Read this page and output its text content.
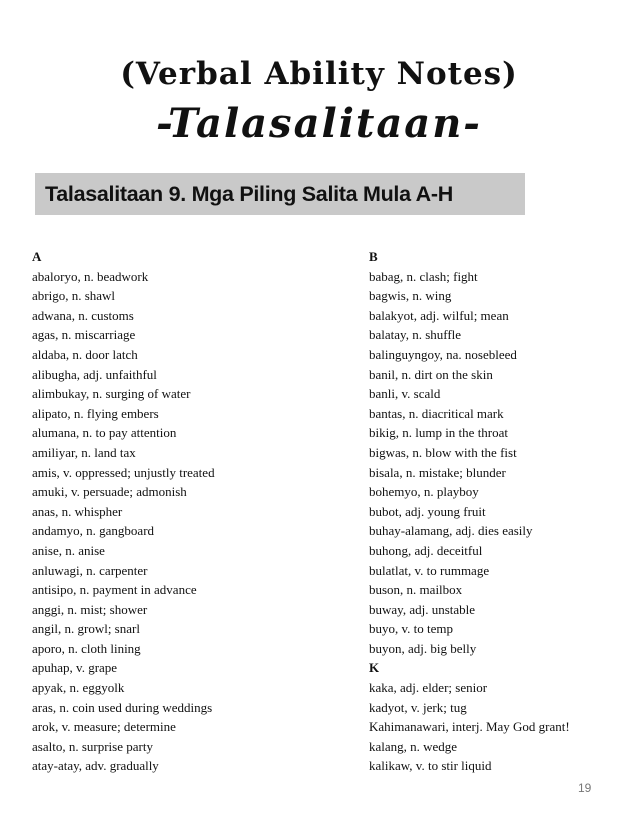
(Verbal Ability Notes)
-Talasalitaan-
Talasalitaan 9. Mga Piling Salita Mula A-H
A
abaloryo, n. beadwork
abrigo, n. shawl
adwana, n. customs
agas, n. miscarriage
aldaba, n. door latch
alibugha, adj. unfaithful
alimbukay, n. surging of water
alipato, n. flying embers
alumana, n. to pay attention
amiliyar, n. land tax
amis, v. oppressed; unjustly treated
amuki, v. persuade; admonish
anas, n. whispher
andamyo, n. gangboard
anise, n. anise
anluwagi, n. carpenter
antisipo, n. payment in advance
anggi, n. mist; shower
angil, n. growl; snarl
aporo, n. cloth lining
apuhap, v. grape
apyak, n. eggyolk
aras, n. coin used during weddings
arok, v. measure; determine
asalto, n. surprise party
atay-atay, adv. gradually
B
babag, n. clash; fight
bagwis, n. wing
balakyot, adj. wilful; mean
balatay, n. shuffle
balinguyngoy, na. nosebleed
banil, n. dirt on the skin
banli, v. scald
bantas, n. diacritical mark
bikig, n. lump in the throat
bigwas, n. blow with the fist
bisala, n. mistake; blunder
bohemyo, n. playboy
bubot, adj. young fruit
buhay-alamang, adj. dies easily
buhong, adj. deceitful
bulatlat, v. to rummage
buson, n. mailbox
buway, adj. unstable
buyo, v. to temp
buyon, adj. big belly
K
kaka, adj. elder; senior
kadyot, v. jerk; tug
Kahimanawari, interj. May God grant!
kalang, n. wedge
kalikaw, v. to stir liquid
19
